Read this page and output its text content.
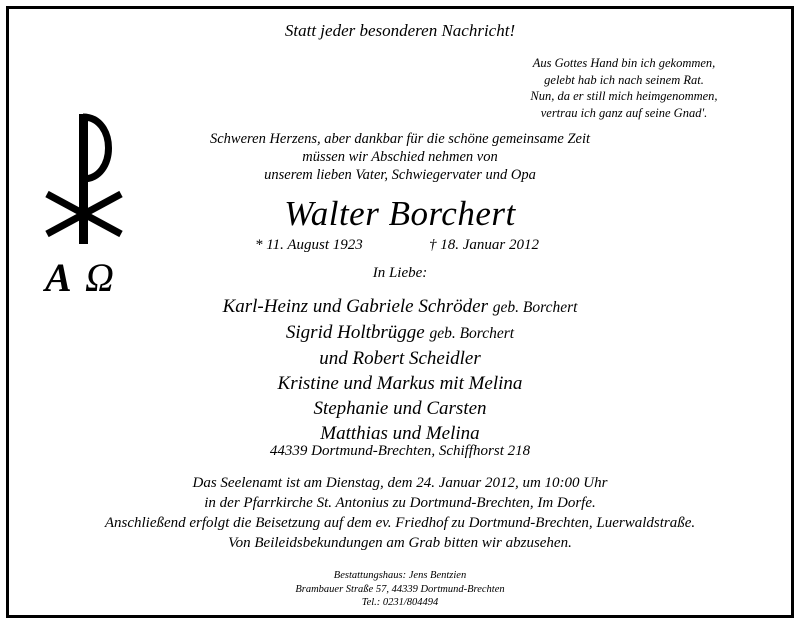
Statt jeder besonderen Nachricht!
Aus Gottes Hand bin ich gekommen,
gelebt hab ich nach seinem Rat.
Nun, da er still mich heimgenommen,
vertrau ich ganz auf seine Gnad'.
A Ω
Schweren Herzens, aber dankbar für die schöne gemeinsame Zeit
müssen wir Abschied nehmen von
unserem lieben Vater, Schwiegervater und Opa
Walter Borchert
* 11. August 1923	† 18. Januar 2012
In Liebe:
Karl-Heinz und Gabriele Schröder geb. Borchert
Sigrid Holtbrügge geb. Borchert
und Robert Scheidler
Kristine und Markus mit Melina
Stephanie und Carsten
Matthias und Melina
44339 Dortmund-Brechten, Schiffhorst 218
Das Seelenamt ist am Dienstag, dem 24. Januar 2012, um 10:00 Uhr
in der Pfarrkirche St. Antonius zu Dortmund-Brechten, Im Dorfe.
Anschließend erfolgt die Beisetzung auf dem ev. Friedhof zu Dortmund-Brechten, Luerwaldstraße.
Von Beileidsbekundungen am Grab bitten wir abzusehen.
Bestattungshaus: Jens Bentzien
Brambauer Straße 57, 44339 Dortmund-Brechten
Tel.: 0231/804494
